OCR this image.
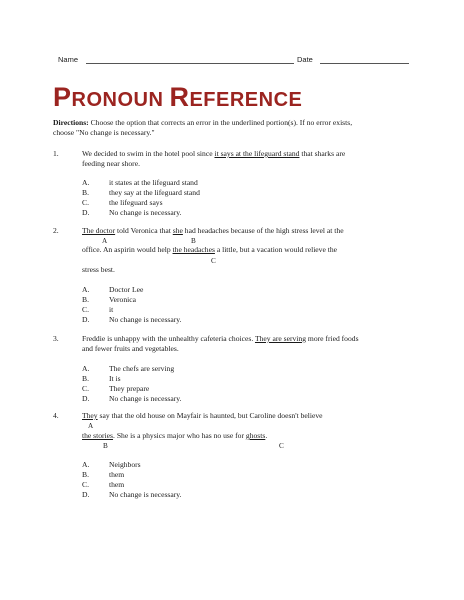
Name	Date
PRONOUN REFERENCE
Directions: Choose the option that corrects an error in the underlined portion(s). If no error exists,
choose "No change is necessary."
1.	We decided to swim in the hotel pool since it says at the lifeguard stand that sharks are
feeding near shore.
A.	it states at the lifeguard stand
B.	they say at the lifeguard stand
C.	the lifeguard says
D.	No change is necessary.
2.	The doctor told Veronica that she had headaches because of the high stress level at the
A	B
office. An aspirin would help the headaches a little, but a vacation would relieve the
C
stress best.
A.	Doctor Lee
B.	Veronica
C.	it
D.	No change is necessary.
3.	Freddie is unhappy with the unhealthy cafeteria choices. They are serving more fried foods
and fewer fruits and vegetables.
A.	The chefs are serving
B.	It is
C.	They prepare
D.	No change is necessary.
4.	They say that the old house on Mayfair is haunted, but Caroline doesn't believe
A
the stories. She is a physics major who has no use for ghosts.
B	C
A.	Neighbors
B.	them
C.	them
D.	No change is necessary.
